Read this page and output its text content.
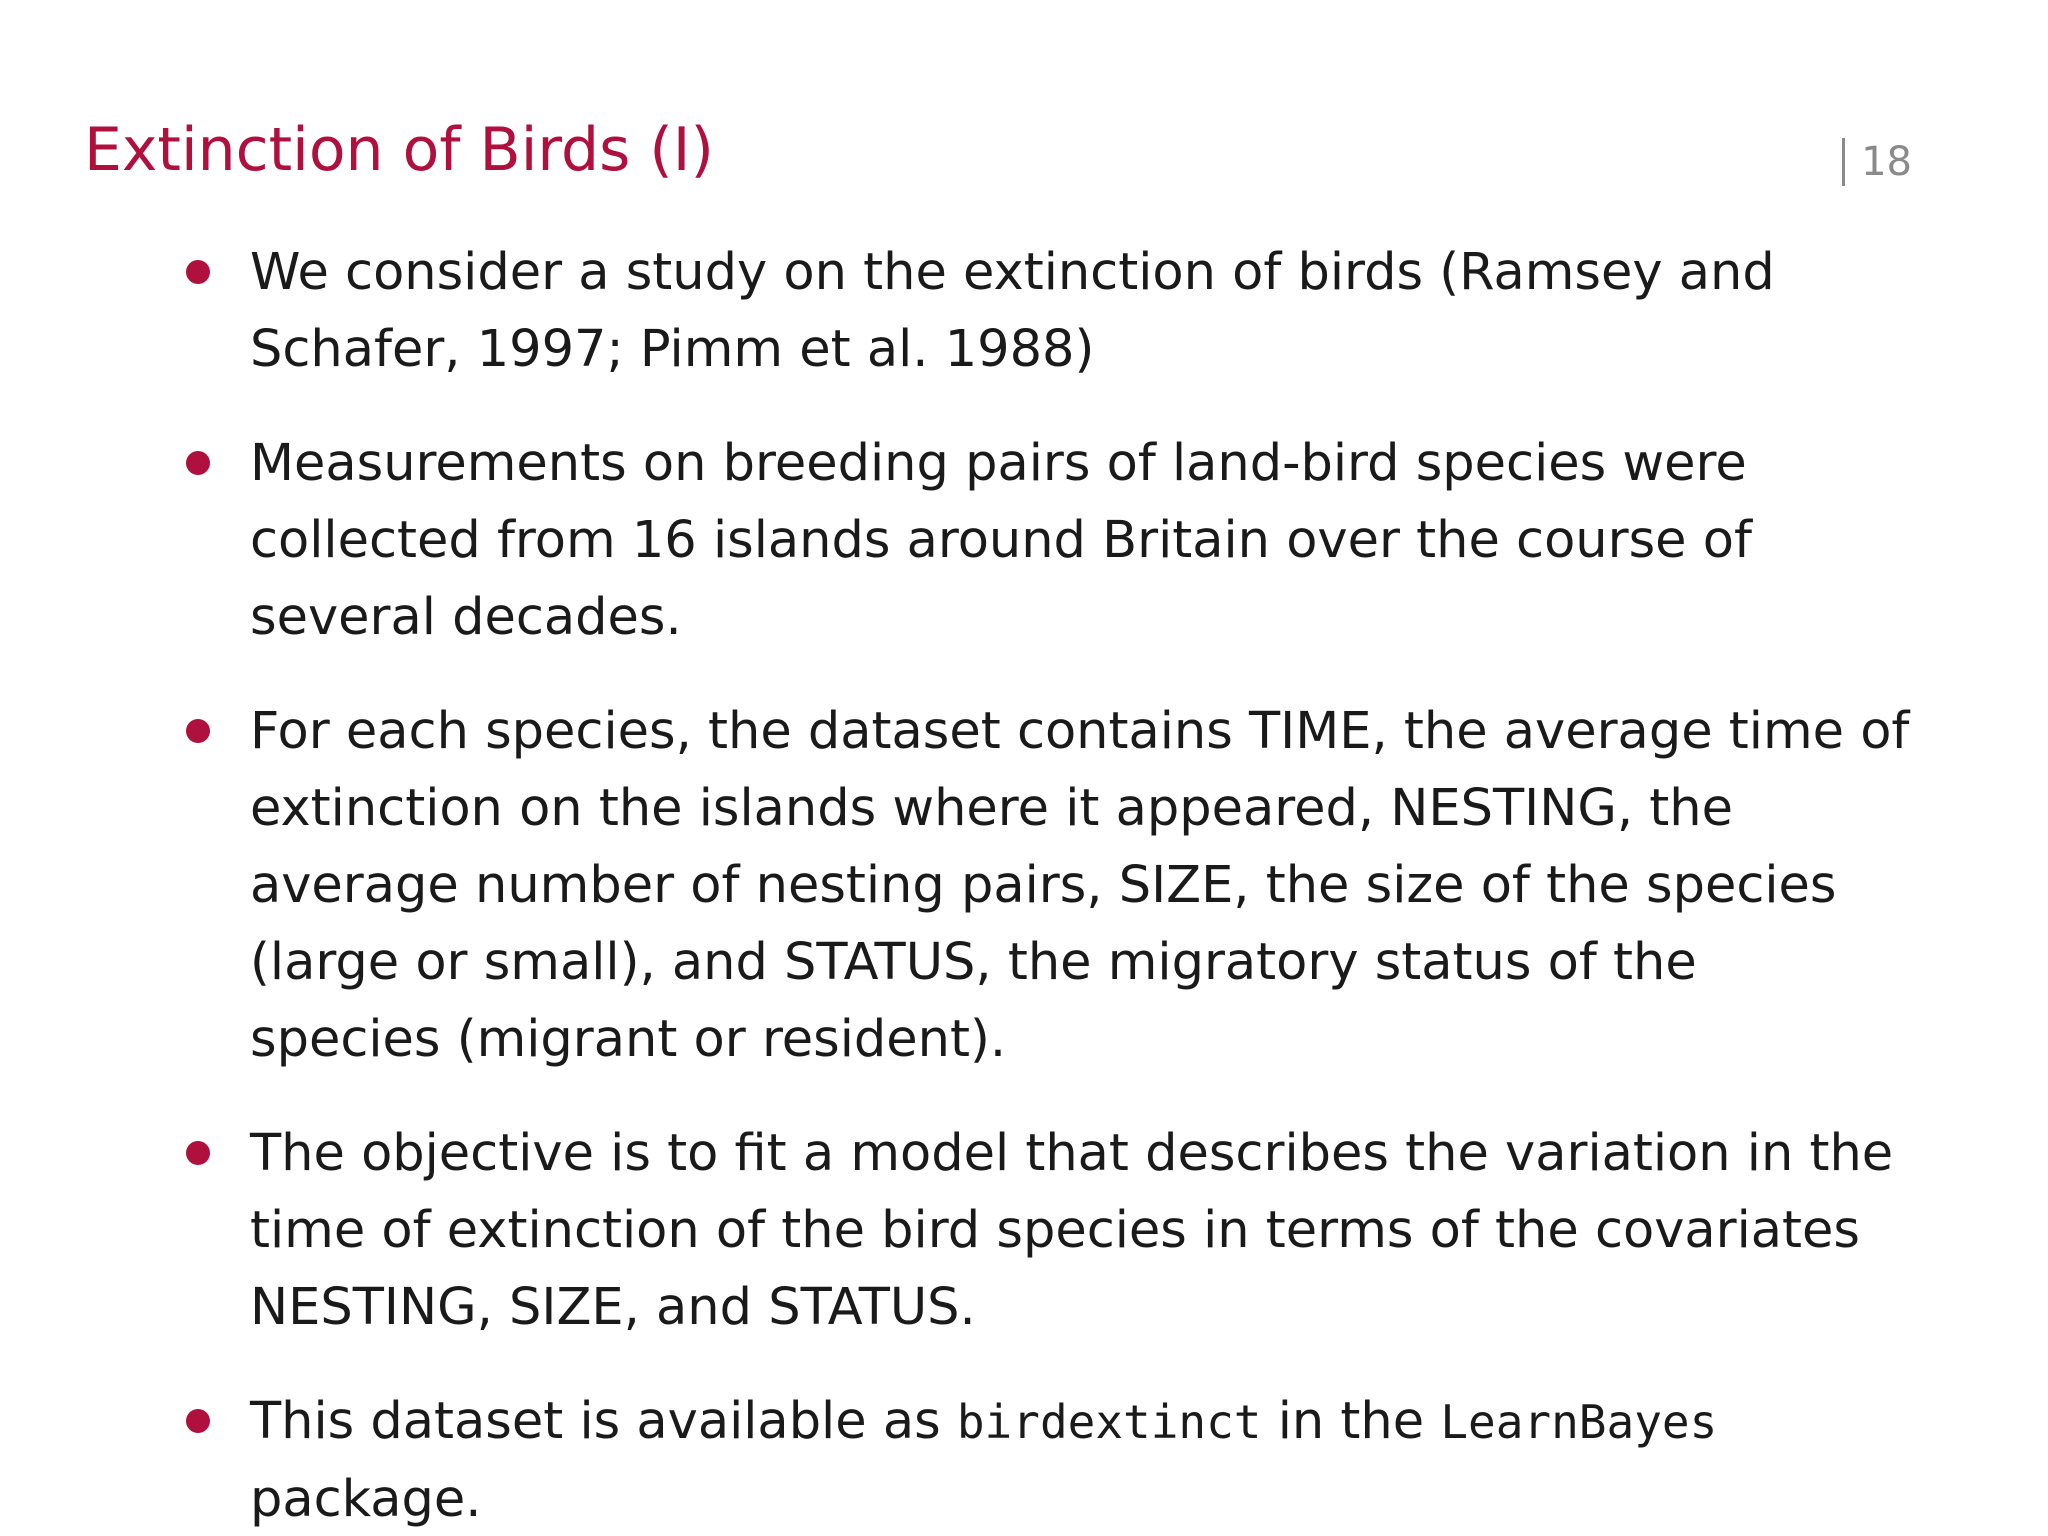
Extinction of Birds (I)	18
We consider a study on the extinction of birds (Ramsey and
Schafer, 1997; Pimm et al. 1988)
Measurements on breeding pairs of land-bird species were
collected from 16 islands around Britain over the course of
several decades.
For each species, the dataset contains TIME, the average time of
extinction on the islands where it appeared, NESTING, the
average number of nesting pairs, SIZE, the size of the species
(large or small), and STATUS, the migratory status of the
species (migrant or resident).
The objective is to fit a model that describes the variation in the
time of extinction of the bird species in terms of the covariates
NESTING, SIZE, and STATUS.
This dataset is available as birdextinct in the LearnBayes
package.
